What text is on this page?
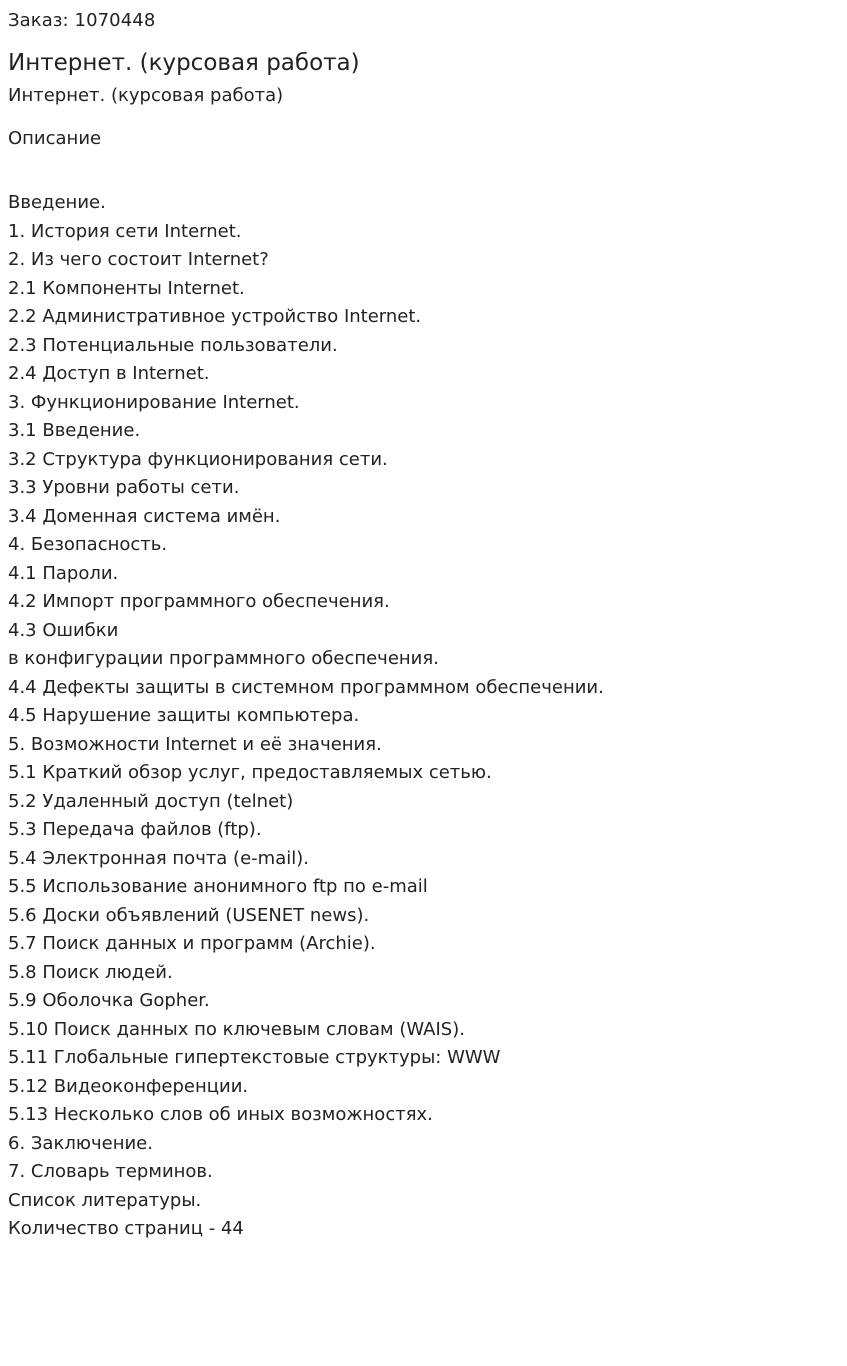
Заказ: 1070448

Интернет. (курсовая работа)

Интернет. (курсовая работа)

Описание
Введение.
1. История сети Internet.
2. Из чего состоит Internet?
2.1 Компоненты Internet.
2.2 Административное устройство Internet.
2.3 Потенциальные пользователи.
2.4 Доступ в Internet.
3. Функционирование Internet.
3.1 Введение.
3.2 Структура функционирования сети.
3.3 Уровни работы сети.
3.4 Доменная система имён.
4. Безопасность.
4.1 Пароли.
4.2 Импорт программного обеспечения.
4.3 Ошибки
в конфигурации программного обеспечения.
4.4 Дефекты защиты в системном программном обеспечении.
4.5 Нарушение защиты компьютера.
5. Возможности Internet и её значения.
5.1 Краткий обзор услуг, предоставляемых сетью.
5.2 Удаленный доступ (telnet)
5.3 Передача файлов (ftp).
5.4 Электронная почта (e-mail).
5.5 Использование анонимного ftp по e-mail
5.6 Доски объявлений (USENET news).
5.7 Поиск данных и программ (Archie).
5.8 Поиск людей.
5.9 Оболочка Gopher.
5.10 Поиск данных по ключевым словам (WAIS).
5.11 Глобальные гипертекстовые структуры: WWW
5.12 Видеоконференции.
5.13 Несколько слов об иных возможностях.
6. Заключение.
7. Словарь терминов.
Список литературы.
Количество страниц - 44
